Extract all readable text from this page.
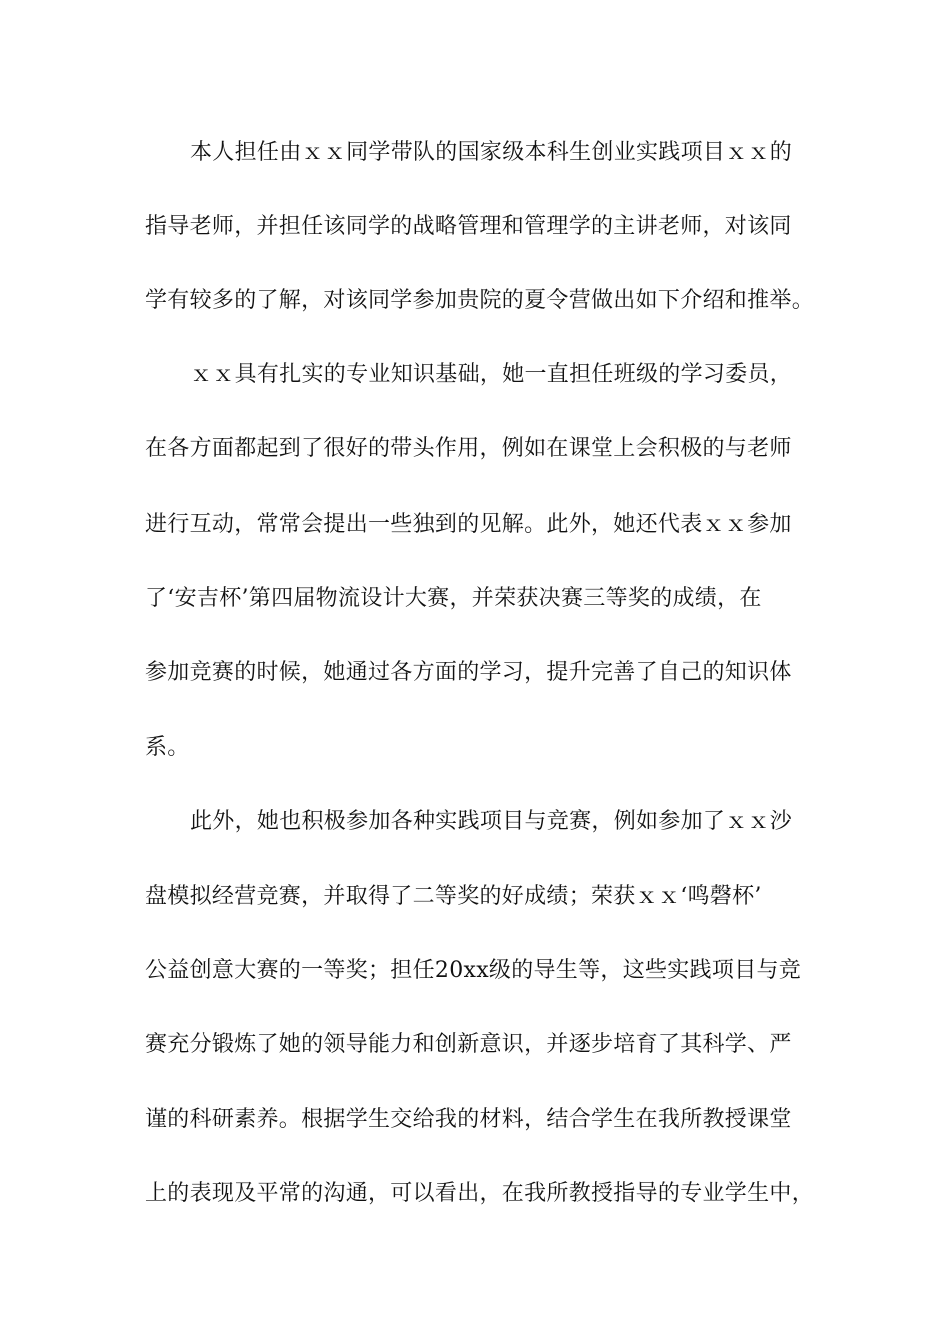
本人担任由ｘｘ同学带队的国家级本科生创业实践项目ｘｘ的
指导老师，并担任该同学的战略管理和管理学的主讲老师，对该同
学有较多的了解，对该同学参加贵院的夏令营做出如下介绍和推举。
ｘｘ具有扎实的专业知识基础，她一直担任班级的学习委员，
在各方面都起到了很好的带头作用，例如在课堂上会积极的与老师
进行互动，常常会提出一些独到的见解。此外，她还代表ｘｘ参加
了‘安吉杯’第四届物流设计大赛，并荣获决赛三等奖的成绩，在
参加竞赛的时候，她通过各方面的学习，提升完善了自己的知识体
系。
此外，她也积极参加各种实践项目与竞赛，例如参加了ｘｘ沙
盘模拟经营竞赛，并取得了二等奖的好成绩；荣获ｘｘ‘鸣磬杯’
公益创意大赛的一等奖；担任20xx级的导生等，这些实践项目与竞
赛充分锻炼了她的领导能力和创新意识，并逐步培育了其科学、严
谨的科研素养。根据学生交给我的材料，结合学生在我所教授课堂
上的表现及平常的沟通，可以看出，在我所教授指导的专业学生中，
